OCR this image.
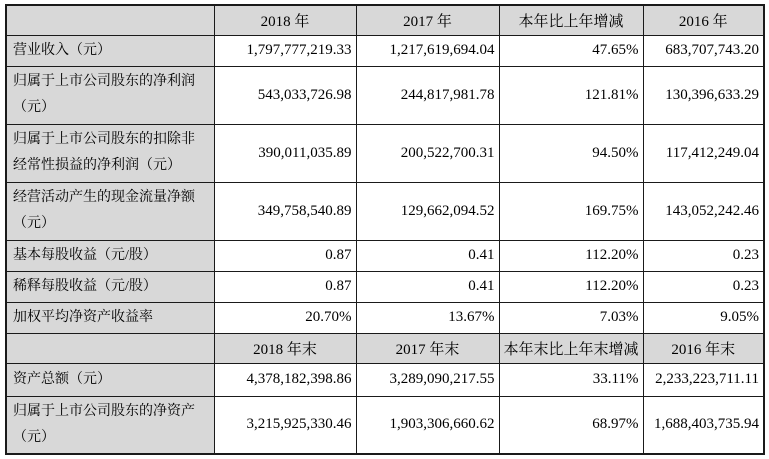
	2018 年	2017 年	本年比上年增减	2016 年
营业收入（元）	1,797,777,219.33	1,217,619,694.04	47.65%	683,707,743.20
归属于上市公司股东的净利润（元）	543,033,726.98	244,817,981.78	121.81%	130,396,633.29
归属于上市公司股东的扣除非经常性损益的净利润（元）	390,011,035.89	200,522,700.31	94.50%	117,412,249.04
经营活动产生的现金流量净额（元）	349,758,540.89	129,662,094.52	169.75%	143,052,242.46
基本每股收益（元/股）	0.87	0.41	112.20%	0.23
稀释每股收益（元/股）	0.87	0.41	112.20%	0.23
加权平均净资产收益率	20.70%	13.67%	7.03%	9.05%
	2018 年末	2017 年末	本年末比上年末增减	2016 年末
资产总额（元）	4,378,182,398.86	3,289,090,217.55	33.11%	2,233,223,711.11
归属于上市公司股东的净资产（元）	3,215,925,330.46	1,903,306,660.62	68.97%	1,688,403,735.94
